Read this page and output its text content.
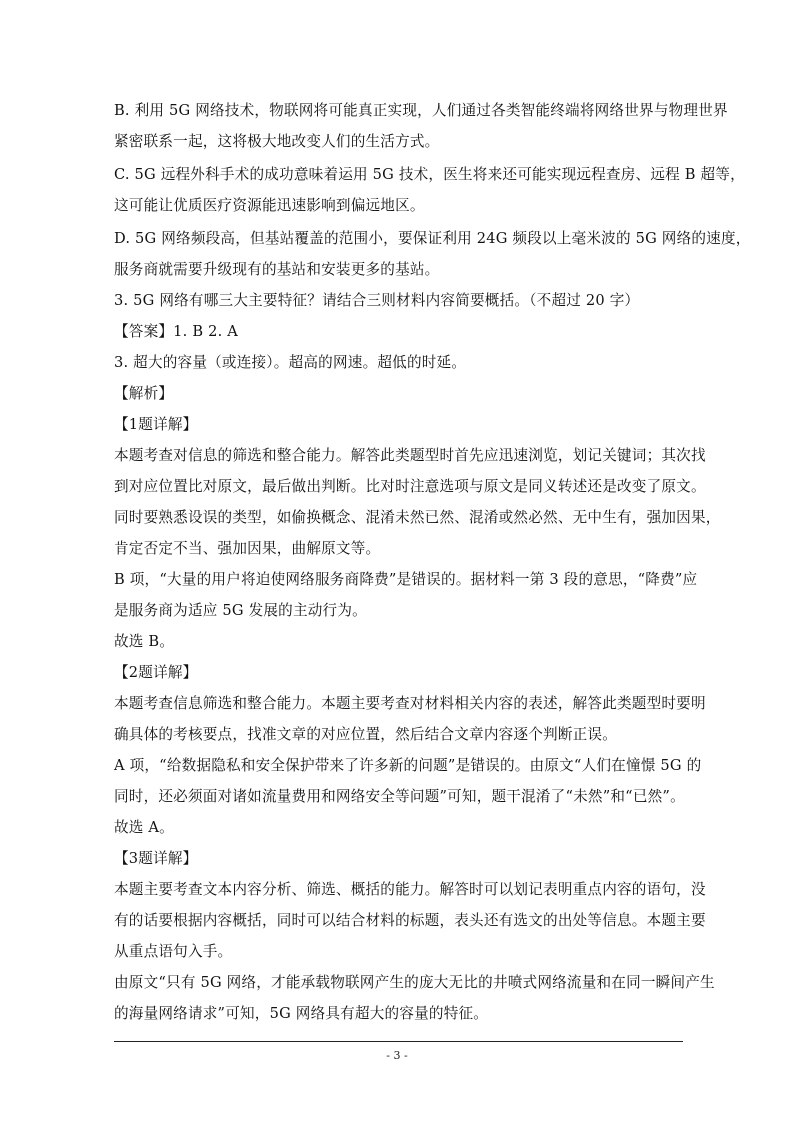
B. 利用 5G 网络技术，物联网将可能真正实现，人们通过各类智能终端将网络世界与物理世界
紧密联系一起，这将极大地改变人们的生活方式。
C. 5G 远程外科手术的成功意味着运用 5G 技术，医生将来还可能实现远程查房、远程 B 超等，
这可能让优质医疗资源能迅速影响到偏远地区。
D. 5G 网络频段高，但基站覆盖的范围小，要保证利用 24G 频段以上毫米波的 5G 网络的速度，
服务商就需要升级现有的基站和安装更多的基站。
3. 5G 网络有哪三大主要特征？请结合三则材料内容简要概括。（不超过 20 字）
【答案】1. B 2. A
3. 超大的容量（或连接）。超高的网速。超低的时延。
【解析】
【1题详解】
本题考查对信息的筛选和整合能力。解答此类题型时首先应迅速浏览，划记关键词；其次找
到对应位置比对原文，最后做出判断。比对时注意选项与原文是同义转述还是改变了原文。
同时要熟悉设误的类型，如偷换概念、混淆未然已然、混淆或然必然、无中生有，强加因果，
肯定否定不当、强加因果，曲解原文等。
B 项，“大量的用户将迫使网络服务商降费”是错误的。据材料一第 3 段的意思，“降费”应
是服务商为适应 5G 发展的主动行为。
故选 B。
【2题详解】
本题考查信息筛选和整合能力。本题主要考查对材料相关内容的表述，解答此类题型时要明
确具体的考核要点，找准文章的对应位置，然后结合文章内容逐个判断正误。
A 项，“给数据隐私和安全保护带来了许多新的问题”是错误的。由原文“人们在憧憬 5G 的
同时，还必须面对诸如流量费用和网络安全等问题”可知，题干混淆了“未然”和“已然”。
故选 A。
【3题详解】
本题主要考查文本内容分析、筛选、概括的能力。解答时可以划记表明重点内容的语句，没
有的话要根据内容概括，同时可以结合材料的标题，表头还有选文的出处等信息。本题主要
从重点语句入手。
由原文“只有 5G 网络，才能承载物联网产生的庞大无比的井喷式网络流量和在同一瞬间产生
的海量网络请求”可知，5G 网络具有超大的容量的特征。
- 3 -
